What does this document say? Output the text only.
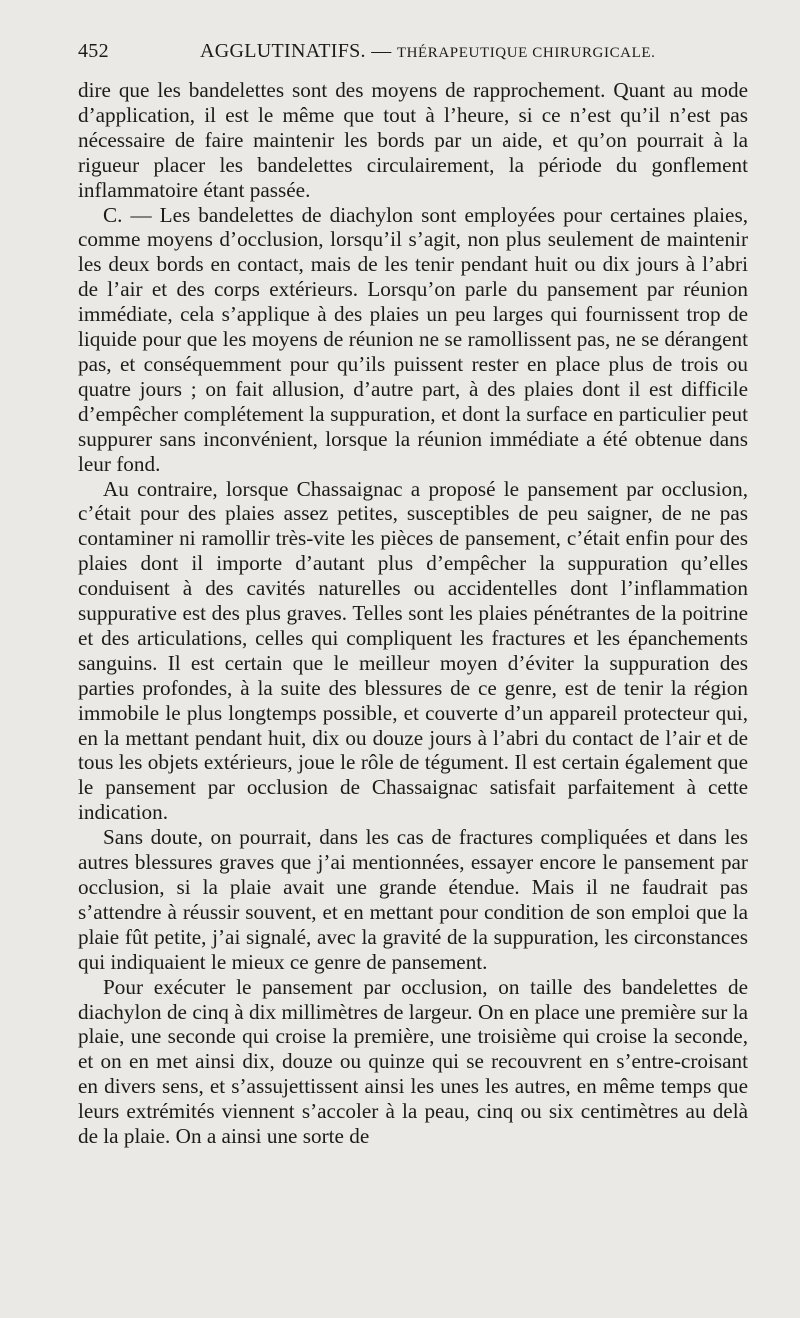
452	AGGLUTINATIFS. — THÉRAPEUTIQUE CHIRURGICALE.

dire que les bandelettes sont des moyens de rapprochement. Quant au mode d’application, il est le même que tout à l’heure, si ce n’est qu’il n’est pas nécessaire de faire maintenir les bords par un aide, et qu’on pourrait à la rigueur placer les bandelettes circulairement, la période du gonflement inflammatoire étant passée.

C. — Les bandelettes de diachylon sont employées pour certaines plaies, comme moyens d’occlusion, lorsqu’il s’agit, non plus seulement de maintenir les deux bords en contact, mais de les tenir pendant huit ou dix jours à l’abri de l’air et des corps extérieurs. Lorsqu’on parle du pansement par réunion immédiate, cela s’applique à des plaies un peu larges qui fournissent trop de liquide pour que les moyens de réunion ne se ramollissent pas, ne se dérangent pas, et conséquemment pour qu’ils puissent rester en place plus de trois ou quatre jours ; on fait allusion, d’autre part, à des plaies dont il est difficile d’empêcher complétement la suppuration, et dont la surface en particulier peut suppurer sans inconvénient, lorsque la réunion immédiate a été obtenue dans leur fond.

Au contraire, lorsque Chassaignac a proposé le pansement par occlusion, c’était pour des plaies assez petites, susceptibles de peu saigner, de ne pas contaminer ni ramollir très-vite les pièces de pansement, c’était enfin pour des plaies dont il importe d’autant plus d’empêcher la suppuration qu’elles conduisent à des cavités naturelles ou accidentelles dont l’inflammation suppurative est des plus graves. Telles sont les plaies pénétrantes de la poitrine et des articulations, celles qui compliquent les fractures et les épanchements sanguins. Il est certain que le meilleur moyen d’éviter la suppuration des parties profondes, à la suite des blessures de ce genre, est de tenir la région immobile le plus longtemps possible, et couverte d’un appareil protecteur qui, en la mettant pendant huit, dix ou douze jours à l’abri du contact de l’air et de tous les objets extérieurs, joue le rôle de tégument. Il est certain également que le pansement par occlusion de Chassaignac satisfait parfaitement à cette indication.

Sans doute, on pourrait, dans les cas de fractures compliquées et dans les autres blessures graves que j’ai mentionnées, essayer encore le pansement par occlusion, si la plaie avait une grande étendue. Mais il ne faudrait pas s’attendre à réussir souvent, et en mettant pour condition de son emploi que la plaie fût petite, j’ai signalé, avec la gravité de la suppuration, les circonstances qui indiquaient le mieux ce genre de pansement.

Pour exécuter le pansement par occlusion, on taille des bandelettes de diachylon de cinq à dix millimètres de largeur. On en place une première sur la plaie, une seconde qui croise la première, une troisième qui croise la seconde, et on en met ainsi dix, douze ou quinze qui se recouvrent en s’entre-croisant en divers sens, et s’assujettissent ainsi les unes les autres, en même temps que leurs extrémités viennent s’accoler à la peau, cinq ou six centimètres au delà de la plaie. On a ainsi une sorte de
